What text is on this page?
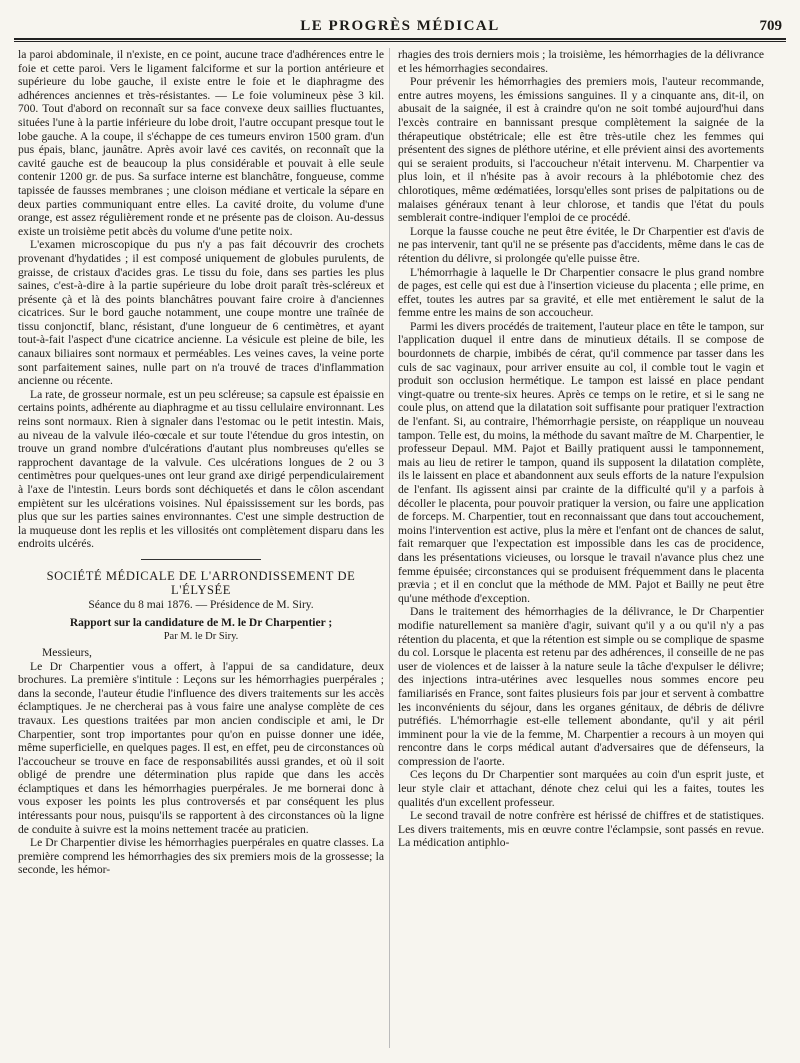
LE PROGRÈS MÉDICAL	709

la paroi abdominale, il n'existe, en ce point, aucune trace d'adhérences entre le foie et cette paroi. Vers le ligament falciforme et sur la portion antérieure et supérieure du lobe gauche, il existe entre le foie et le diaphragme des adhérences anciennes et très-résistantes. — Le foie volumineux pèse 3 kil. 700. Tout d'abord on reconnaît sur sa face convexe deux saillies fluctuantes, situées l'une à la partie inférieure du lobe droit, l'autre occupant presque tout le lobe gauche. A la coupe, il s'échappe de ces tumeurs environ 1500 gram. d'un pus épais, blanc, jaunâtre. Après avoir lavé ces cavités, on reconnaît que la cavité gauche est de beaucoup la plus considérable et pouvait à elle seule contenir 1200 gr. de pus. Sa surface interne est blanchâtre, fongueuse, comme tapissée de fausses membranes ; une cloison médiane et verticale la sépare en deux parties communiquant entre elles. La cavité droite, du volume d'une orange, est assez régulièrement ronde et ne présente pas de cloison. Au-dessus existe un troisième petit abcès du volume d'une petite noix.

L'examen microscopique du pus n'y a pas fait découvrir des crochets provenant d'hydatides ; il est composé uniquement de globules purulents, de graisse, de cristaux d'acides gras. Le tissu du foie, dans ses parties les plus saines, c'est-à-dire à la partie supérieure du lobe droit paraît très-scléreux et présente çà et là des points blanchâtres pouvant faire croire à d'anciennes cicatrices. Sur le bord gauche notamment, une coupe montre une traînée de tissu conjonctif, blanc, résistant, d'une longueur de 6 centimètres, et ayant tout-à-fait l'aspect d'une cicatrice ancienne. La vésicule est pleine de bile, les canaux biliaires sont normaux et perméables. Les veines caves, la veine porte sont parfaitement saines, nulle part on n'a trouvé de traces d'inflammation ancienne ou récente.

La rate, de grosseur normale, est un peu scléreuse; sa capsule est épaissie en certains points, adhérente au diaphragme et au tissu cellulaire environnant. Les reins sont normaux. Rien à signaler dans l'estomac ou le petit intestin. Mais, au niveau de la valvule iléo-cœcale et sur toute l'étendue du gros intestin, on trouve un grand nombre d'ulcérations d'autant plus nombreuses qu'elles se rapprochent davantage de la valvule. Ces ulcérations longues de 2 ou 3 centimètres pour quelques-unes ont leur grand axe dirigé perpendiculairement à l'axe de l'intestin. Leurs bords sont déchiquetés et dans le côlon ascendant empiètent sur les ulcérations voisines. Nul épaississement sur les bords, pas plus que sur les parties saines environnantes. C'est une simple destruction de la muqueuse dont les replis et les villosités ont complètement disparu dans les endroits ulcérés.

SOCIÉTÉ MÉDICALE DE L'ARRONDISSEMENT DE L'ÉLYSÉE

Séance du 8 mai 1876. — Présidence de M. Siry.

Rapport sur la candidature de M. le Dr Charpentier ;

Par M. le Dr Siry.

Messieurs,

Le Dr Charpentier vous a offert, à l'appui de sa candidature, deux brochures. La première s'intitule : Leçons sur les hémorrhagies puerpérales ; dans la seconde, l'auteur étudie l'influence des divers traitements sur les accès éclamptiques. Je ne chercherai pas à vous faire une analyse complète de ces travaux. Les questions traitées par mon ancien condisciple et ami, le Dr Charpentier, sont trop importantes pour qu'on en puisse donner une idée, même superficielle, en quelques pages. Il est, en effet, peu de circonstances où l'accoucheur se trouve en face de responsabilités aussi grandes, et où il soit obligé de prendre une détermination plus rapide que dans les accès éclamptiques et dans les hémorrhagies puerpérales. Je me bornerai donc à vous exposer les points les plus controversés et par conséquent les plus intéressants pour nous, puisqu'ils se rapportent à des circonstances où la ligne de conduite à suivre est la moins nettement tracée au praticien.

Le Dr Charpentier divise les hémorrhagies puerpérales en quatre classes. La première comprend les hémorrhagies des six premiers mois de la grossesse; la seconde, les hémor-

rhagies des trois derniers mois ; la troisième, les hémorrhagies de la délivrance et les hémorrhagies secondaires.

Pour prévenir les hémorrhagies des premiers mois, l'auteur recommande, entre autres moyens, les émissions sanguines. Il y a cinquante ans, dit-il, on abusait de la saignée, il est à craindre qu'on ne soit tombé aujourd'hui dans l'excès contraire en bannissant presque complètement la saignée de la thérapeutique obstétricale; elle est être très-utile chez les femmes qui présentent des signes de pléthore utérine, et elle prévient ainsi des avortements qui se seraient produits, si l'accoucheur n'était intervenu. M. Charpentier va plus loin, et il n'hésite pas à avoir recours à la phlébotomie chez des chlorotiques, même œdématiées, lorsqu'elles sont prises de palpitations ou de malaises généraux tenant à leur chlorose, et tandis que l'état du pouls semblerait contre-indiquer l'emploi de ce procédé.

Lorque la fausse couche ne peut être évitée, le Dr Charpentier est d'avis de ne pas intervenir, tant qu'il ne se présente pas d'accidents, même dans le cas de rétention du délivre, si prolongée qu'elle puisse être.

L'hémorrhagie à laquelle le Dr Charpentier consacre le plus grand nombre de pages, est celle qui est due à l'insertion vicieuse du placenta ; elle prime, en effet, toutes les autres par sa gravité, et elle met entièrement le salut de la femme entre les mains de son accoucheur.

Parmi les divers procédés de traitement, l'auteur place en tête le tampon, sur l'application duquel il entre dans de minutieux détails. Il se compose de bourdonnets de charpie, imbibés de cérat, qu'il commence par tasser dans les culs de sac vaginaux, pour arriver ensuite au col, il comble tout le vagin et produit son occlusion hermétique. Le tampon est laissé en place pendant vingt-quatre ou trente-six heures. Après ce temps on le retire, et si le sang ne coule plus, on attend que la dilatation soit suffisante pour pratiquer l'extraction de l'enfant. Si, au contraire, l'hémorrhagie persiste, on réapplique un nouveau tampon. Telle est, du moins, la méthode du savant maître de M. Charpentier, le professeur Depaul. MM. Pajot et Bailly pratiquent aussi le tamponnement, mais au lieu de retirer le tampon, quand ils supposent la dilatation complète, ils le laissent en place et abandonnent aux seuls efforts de la nature l'expulsion de l'enfant. Ils agissent ainsi par crainte de la difficulté qu'il y a parfois à décoller le placenta, pour pouvoir pratiquer la version, ou faire une application de forceps. M. Charpentier, tout en reconnaissant que dans tout accouchement, moins l'intervention est active, plus la mère et l'enfant ont de chances de salut, fait remarquer que l'expectation est impossible dans les cas de procidence, dans les présentations vicieuses, ou lorsque le travail n'avance plus chez une femme épuisée; circonstances qui se produisent fréquemment dans le placenta prævia ; et il en conclut que la méthode de MM. Pajot et Bailly ne peut être qu'une méthode d'exception.

Dans le traitement des hémorrhagies de la délivrance, le Dr Charpentier modifie naturellement sa manière d'agir, suivant qu'il y a ou qu'il n'y a pas rétention du placenta, et que la rétention est simple ou se complique de spasme du col. Lorsque le placenta est retenu par des adhérences, il conseille de ne pas user de violences et de laisser à la nature seule la tâche d'expulser le délivre; des injections intra-utérines avec lesquelles nous sommes encore peu familiarisés en France, sont faites plusieurs fois par jour et servent à combattre les inconvénients du séjour, dans les organes génitaux, de débris de délivre putréfiés. L'hémorrhagie est-elle tellement abondante, qu'il y ait péril imminent pour la vie de la femme, M. Charpentier a recours à un moyen qui rencontre dans le corps médical autant d'adversaires que de défenseurs, la compression de l'aorte.

Ces leçons du Dr Charpentier sont marquées au coin d'un esprit juste, et leur style clair et attachant, dénote chez celui qui les a faites, toutes les qualités d'un excellent professeur.

Le second travail de notre confrère est hérissé de chiffres et de statistiques. Les divers traitements, mis en œuvre contre l'éclampsie, sont passés en revue. La médication antiphlo-
